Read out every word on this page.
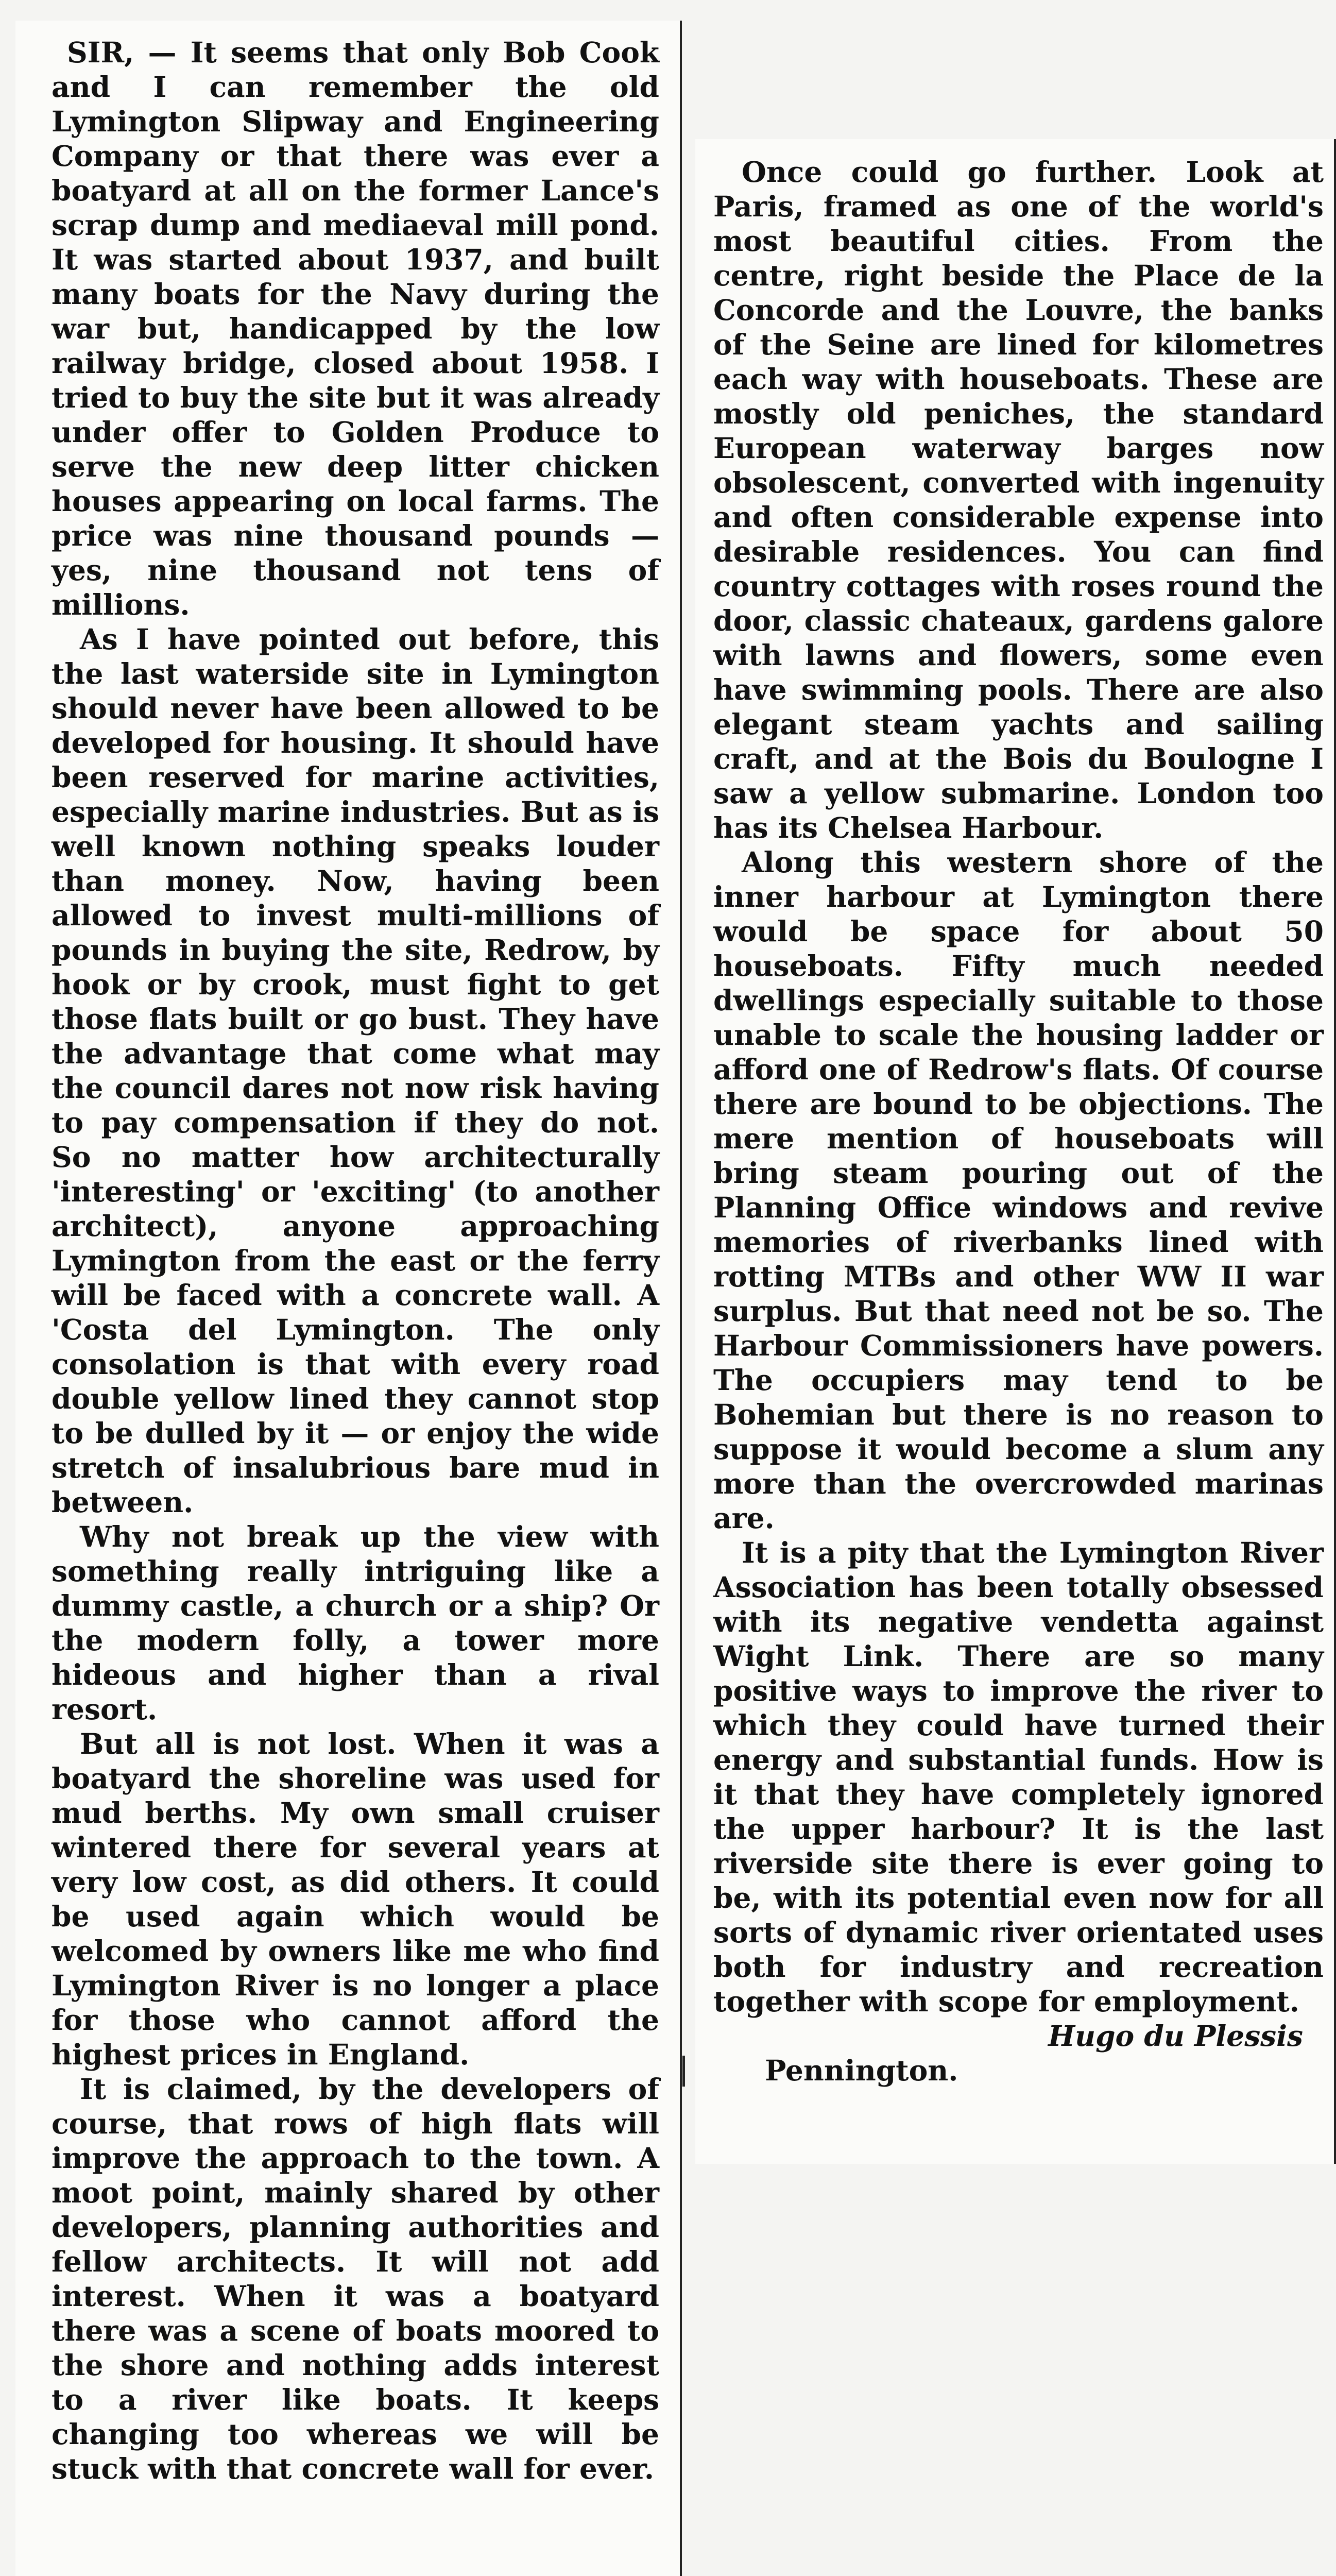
SIR, — It seems that only Bob Cook and I can remember the old Lymington Slipway and Engineering Company or that there was ever a boatyard at all on the former Lance's scrap dump and mediaeval mill pond. It was started about 1937, and built many boats for the Navy during the war but, handicapped by the low railway bridge, closed about 1958. I tried to buy the site but it was already under offer to Golden Produce to serve the new deep litter chicken houses appearing on local farms. The price was nine thousand pounds — yes, nine thousand not tens of millions.

As I have pointed out before, this the last waterside site in Lymington should never have been allowed to be developed for housing. It should have been reserved for marine activities, especially marine industries. But as is well known nothing speaks louder than money. Now, having been allowed to invest multi-millions of pounds in buying the site, Redrow, by hook or by crook, must fight to get those flats built or go bust. They have the advantage that come what may the council dares not now risk having to pay compensation if they do not. So no matter how architecturally 'interesting' or 'exciting' (to another architect), anyone approaching Lymington from the east or the ferry will be faced with a concrete wall. A 'Costa del Lymington. The only consolation is that with every road double yellow lined they cannot stop to be dulled by it — or enjoy the wide stretch of insalubrious bare mud in between.

Why not break up the view with something really intriguing like a dummy castle, a church or a ship? Or the modern folly, a tower more hideous and higher than a rival resort.

But all is not lost. When it was a boatyard the shoreline was used for mud berths. My own small cruiser wintered there for several years at very low cost, as did others. It could be used again which would be welcomed by owners like me who find Lymington River is no longer a place for those who cannot afford the highest prices in England.

It is claimed, by the developers of course, that rows of high flats will improve the approach to the town. A moot point, mainly shared by other developers, planning authorities and fellow architects. It will not add interest. When it was a boatyard there was a scene of boats moored to the shore and nothing adds interest to a river like boats. It keeps changing too whereas we will be stuck with that concrete wall for ever.

Once could go further. Look at Paris, framed as one of the world's most beautiful cities. From the centre, right beside the Place de la Concorde and the Louvre, the banks of the Seine are lined for kilometres each way with houseboats. These are mostly old peniches, the standard European waterway barges now obsolescent, converted with ingenuity and often considerable expense into desirable residences. You can find country cottages with roses round the door, classic chateaux, gardens galore with lawns and flowers, some even have swimming pools. There are also elegant steam yachts and sailing craft, and at the Bois du Boulogne I saw a yellow submarine. London too has its Chelsea Harbour.

Along this western shore of the inner harbour at Lymington there would be space for about 50 houseboats. Fifty much needed dwellings especially suitable to those unable to scale the housing ladder or afford one of Redrow's flats. Of course there are bound to be objections. The mere mention of houseboats will bring steam pouring out of the Planning Office windows and revive memories of riverbanks lined with rotting MTBs and other WW II war surplus. But that need not be so. The Harbour Commissioners have powers. The occupiers may tend to be Bohemian but there is no reason to suppose it would become a slum any more than the overcrowded marinas are.

It is a pity that the Lymington River Association has been totally obsessed with its negative vendetta against Wight Link. There are so many positive ways to improve the river to which they could have turned their energy and substantial funds. How is it that they have completely ignored the upper harbour? It is the last riverside site there is ever going to be, with its potential even now for all sorts of dynamic river orientated uses both for industry and recreation together with scope for employment.

Hugo du Plessis

Pennington.
